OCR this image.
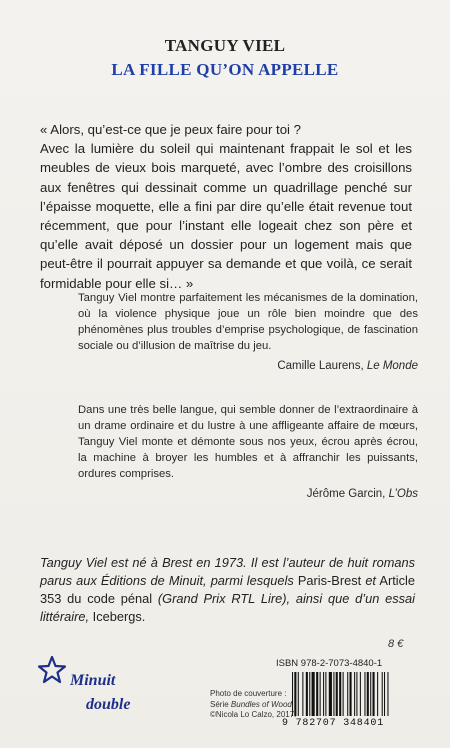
TANGUY VIEL
LA FILLE QU’ON APPELLE

« Alors, qu’est-ce que je peux faire pour toi ?

Avec la lumière du soleil qui maintenant frappait le sol et les meubles de vieux bois marqueté, avec l’ombre des croisillons aux fenêtres qui dessinait comme un quadrillage penché sur l’épaisse moquette, elle a fini par dire qu’elle était revenue tout récemment, que pour l’instant elle logeait chez son père et qu’elle avait déposé un dossier pour un logement mais que peut-être il pourrait appuyer sa demande et que voilà, ce serait formidable pour elle si… »

Tanguy Viel montre parfaitement les mécanismes de la domination, où la violence physique joue un rôle bien moindre que des phénomènes plus troubles d’emprise psychologique, de fascination sociale ou d’illusion de maîtrise du jeu.

Camille Laurens, Le Monde

Dans une très belle langue, qui semble donner de l’extraordinaire à un drame ordinaire et du lustre à une affligeante affaire de mœurs, Tanguy Viel monte et démonte sous nos yeux, écrou après écrou, la machine à broyer les humbles et à affranchir les puissants, ordures comprises.

Jérôme Garcin, L’Obs
Tanguy Viel est né à Brest en 1973. Il est l’auteur de huit romans parus aux Éditions de Minuit, parmi lesquels Paris-Brest et Article 353 du code pénal (Grand Prix RTL Lire), ainsi que d’un essai littéraire, Icebergs.
8 €
ISBN 978-2-7073-4840-1
9 782707 348401
Photo de couverture :
Série Bundles of Wood
©Nicola Lo Calzo, 2017.
Minuit
double
